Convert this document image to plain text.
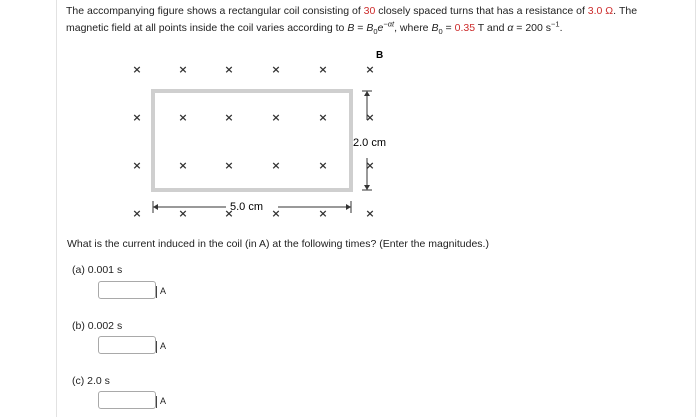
The accompanying figure shows a rectangular coil consisting of 30 closely spaced turns that has a resistance of 3.0 Ω. The
magnetic field at all points inside the coil varies according to $B = B_0e^{-\alpha t}$, where $B_0 = 0.35$ T and α = 200 $s^{-1}$.
B
2.0 cm
5.0 cm
×	×	×	×	×	×
×	×	×	×	×	×
×	×	×	×	×	×
×	×	×	×	×	×
What is the current induced in the coil (in A) at the following times? (Enter the magnitudes.)
(a) 0.001 s
A
(b) 0.002 s
A
(c) 2.0 s
A
